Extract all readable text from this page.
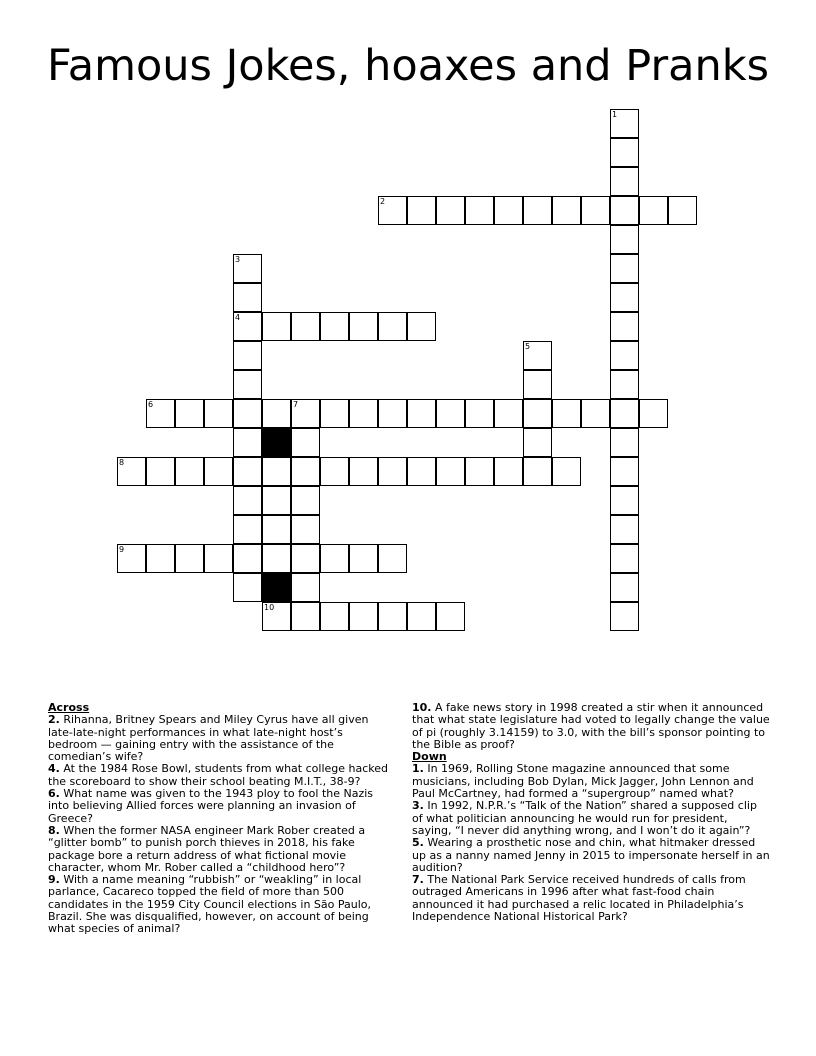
Famous Jokes, hoaxes and Pranks
1
2
3
4
5
6	7
8
9
10

Across

2. Rihanna, Britney Spears and Miley Cyrus have all given late-late-night performances in what late-night host’s bedroom — gaining entry with the assistance of the comedian’s wife?

4. At the 1984 Rose Bowl, students from what college hacked the scoreboard to show their school beating M.I.T., 38-9?

6. What name was given to the 1943 ploy to fool the Nazis into believing Allied forces were planning an invasion of Greece?

8. When the former NASA engineer Mark Rober created a “glitter bomb” to punish porch thieves in 2018, his fake package bore a return address of what fictional movie character, whom Mr. Rober called a “childhood hero”?

9. With a name meaning “rubbish” or “weakling” in local parlance, Cacareco topped the field of more than 500 candidates in the 1959 City Council elections in São Paulo, Brazil. She was disqualified, however, on account of being what species of animal?

10. A fake news story in 1998 created a stir when it announced that what state legislature had voted to legally change the value of pi (roughly 3.14159) to 3.0, with the bill’s sponsor pointing to the Bible as proof?

Down

1. In 1969, Rolling Stone magazine announced that some musicians, including Bob Dylan, Mick Jagger, John Lennon and Paul McCartney, had formed a “supergroup” named what?

3. In 1992, N.P.R.’s “Talk of the Nation” shared a supposed clip of what politician announcing he would run for president, saying, “I never did anything wrong, and I won’t do it again”?

5. Wearing a prosthetic nose and chin, what hitmaker dressed up as a nanny named Jenny in 2015 to impersonate herself in an audition?

7. The National Park Service received hundreds of calls from outraged Americans in 1996 after what fast-food chain announced it had purchased a relic located in Philadelphia’s Independence National Historical Park?
